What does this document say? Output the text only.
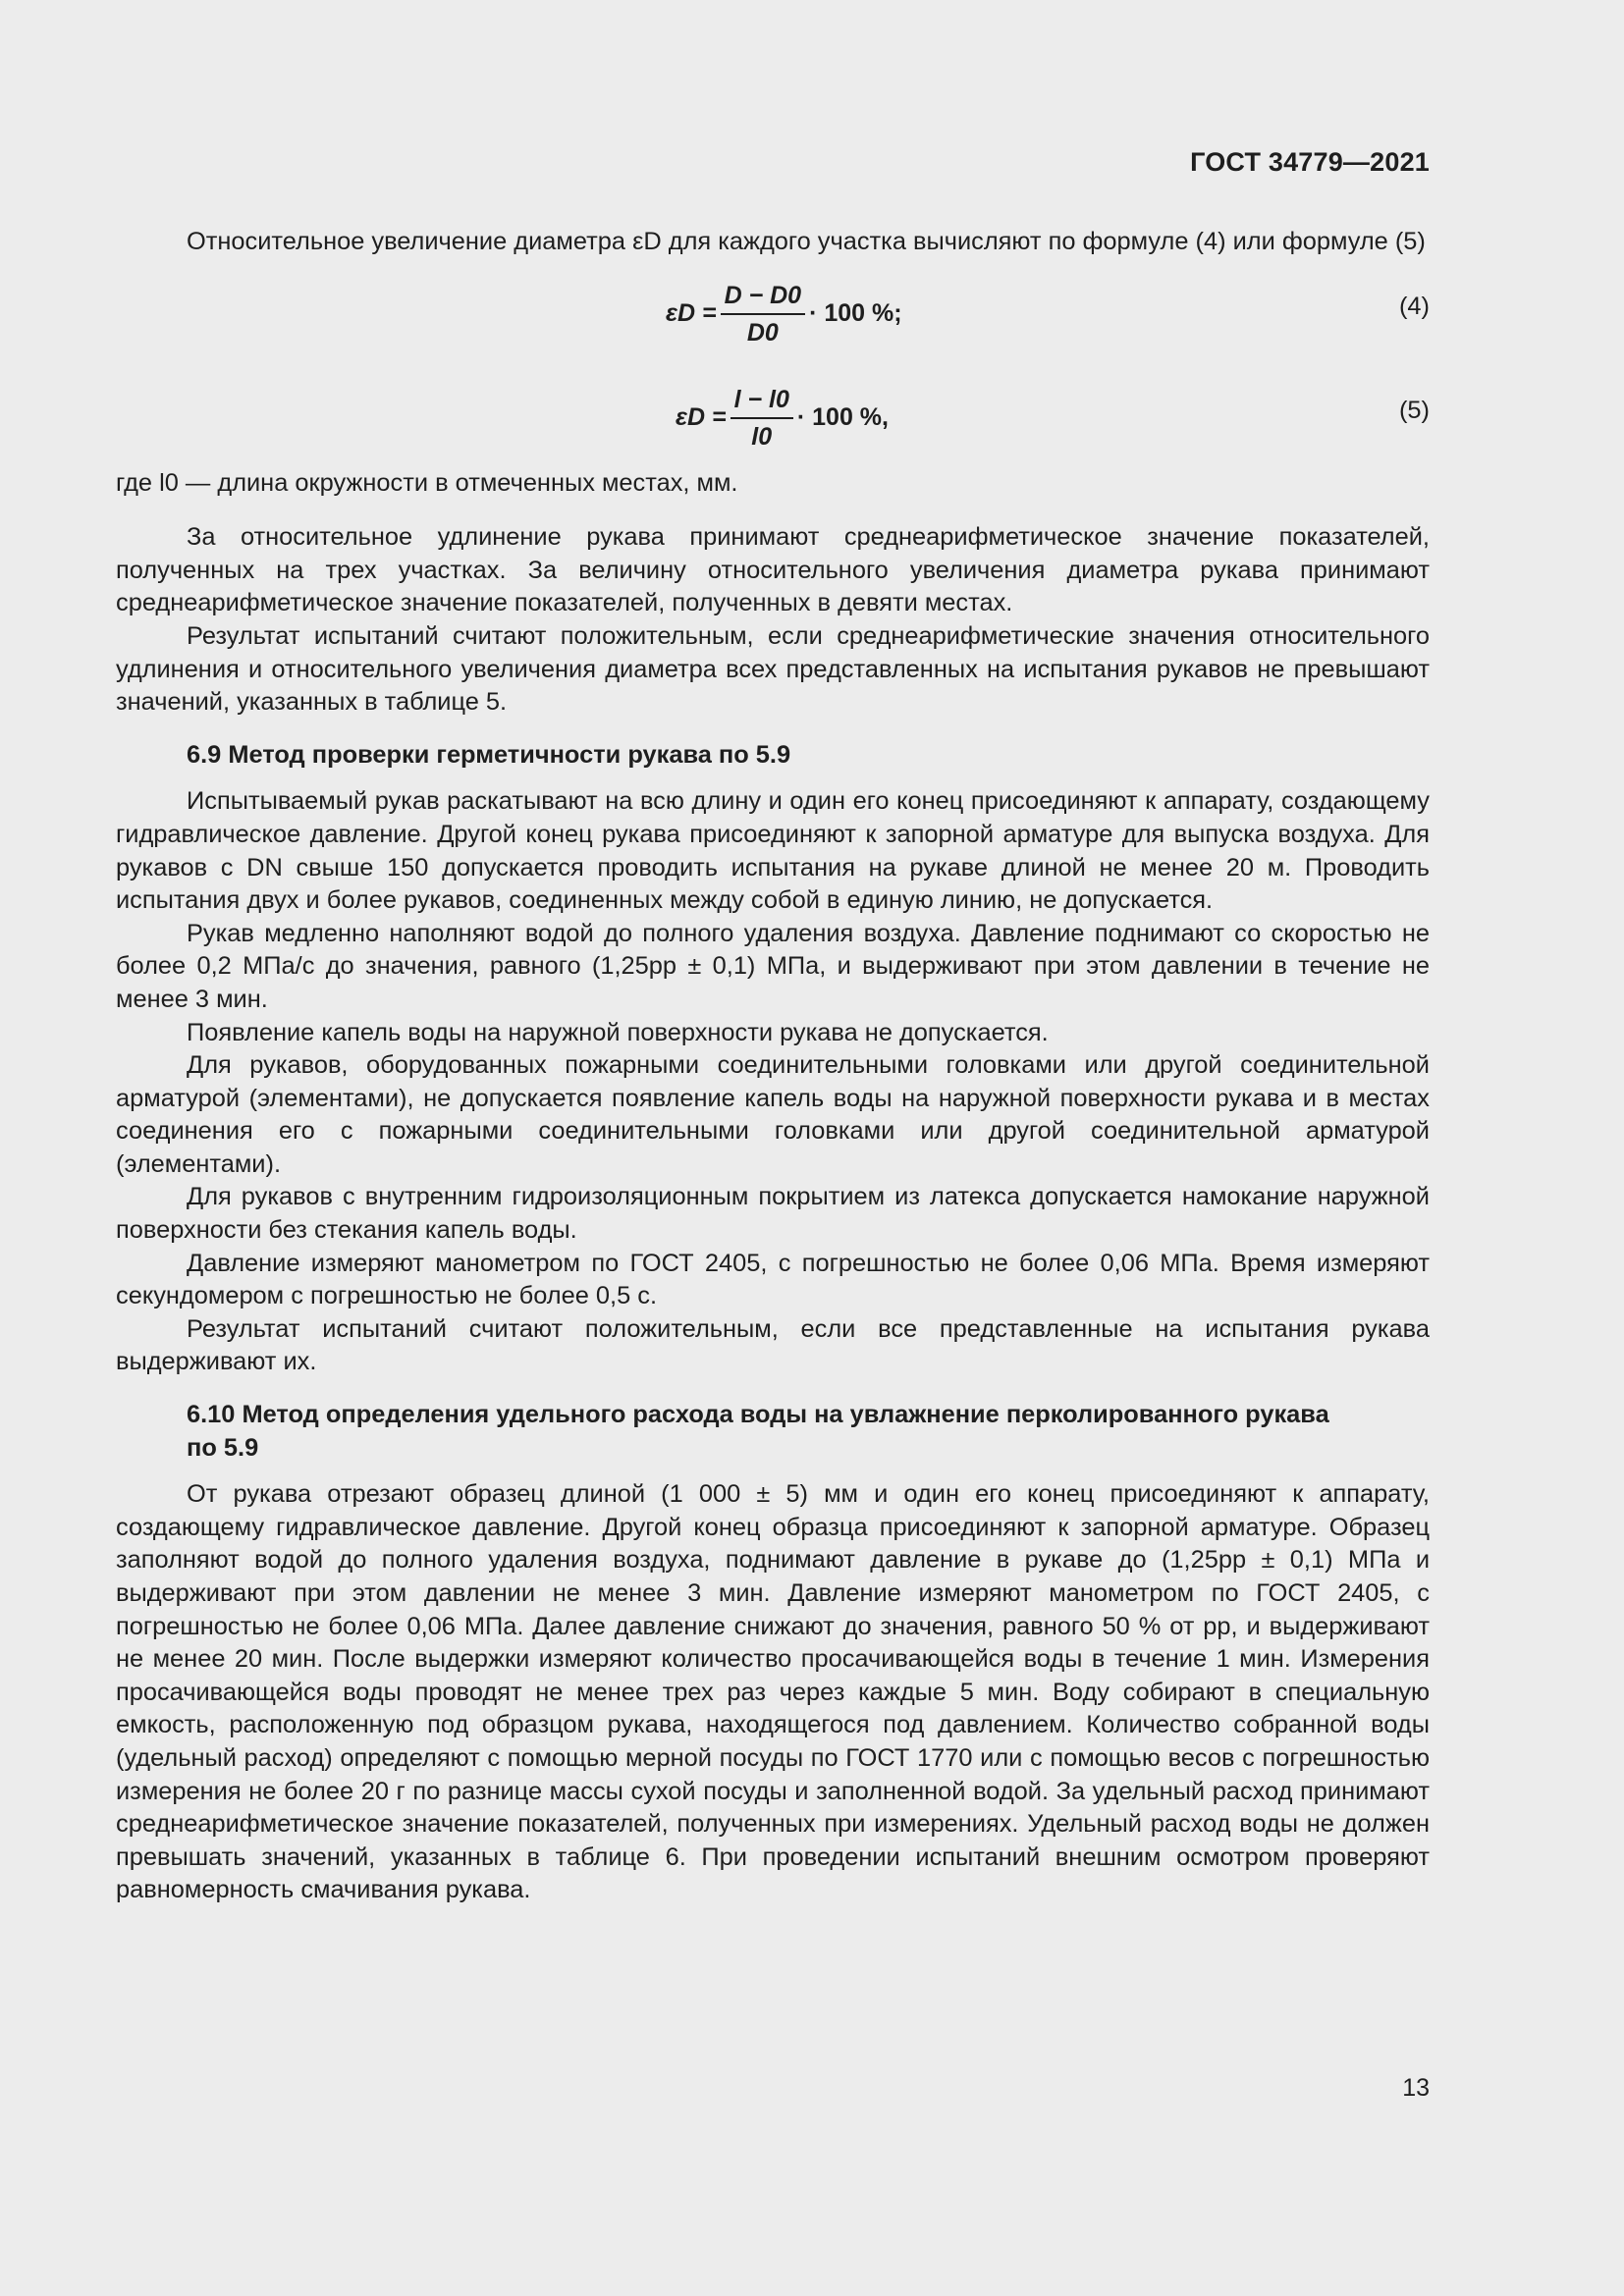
ГОСТ 34779—2021

Относительное увеличение диаметра εD для каждого участка вычисляют по формуле (4) или формуле (5)

$\varepsilon D = \frac{D - D0}{D0} \cdot 100$ %;	(4)
$\varepsilon D = \frac{l - l0}{l0} \cdot 100$ %,	(5)

где l0 — длина окружности в отмеченных местах, мм.

За относительное удлинение рукава принимают среднеарифметическое значение показателей, полученных на трех участках. За величину относительного увеличения диаметра рукава принимают среднеарифметическое значение показателей, полученных в девяти местах.

Результат испытаний считают положительным, если среднеарифметические значения относительного удлинения и относительного увеличения диаметра всех представленных на испытания рукавов не превышают значений, указанных в таблице 5.

6.9 Метод проверки герметичности рукава по 5.9

Испытываемый рукав раскатывают на всю длину и один его конец присоединяют к аппарату, создающему гидравлическое давление. Другой конец рукава присоединяют к запорной арматуре для выпуска воздуха. Для рукавов с DN свыше 150 допускается проводить испытания на рукаве длиной не менее 20 м. Проводить испытания двух и более рукавов, соединенных между собой в единую линию, не допускается.

Рукав медленно наполняют водой до полного удаления воздуха. Давление поднимают со скоростью не более 0,2 МПа/с до значения, равного (1,25pp ± 0,1) МПа, и выдерживают при этом давлении в течение не менее 3 мин.

Появление капель воды на наружной поверхности рукава не допускается.

Для рукавов, оборудованных пожарными соединительными головками или другой соединительной арматурой (элементами), не допускается появление капель воды на наружной поверхности рукава и в местах соединения его с пожарными соединительными головками или другой соединительной арматурой (элементами).

Для рукавов с внутренним гидроизоляционным покрытием из латекса допускается намокание наружной поверхности без стекания капель воды.

Давление измеряют манометром по ГОСТ 2405, с погрешностью не более 0,06 МПа. Время измеряют секундомером с погрешностью не более 0,5 с.

Результат испытаний считают положительным, если все представленные на испытания рукава выдерживают их.

6.10 Метод определения удельного расхода воды на увлажнение перколированного рукава по 5.9

От рукава отрезают образец длиной (1 000 ± 5) мм и один его конец присоединяют к аппарату, создающему гидравлическое давление. Другой конец образца присоединяют к запорной арматуре. Образец заполняют водой до полного удаления воздуха, поднимают давление в рукаве до (1,25pp ± 0,1) МПа и выдерживают при этом давлении не менее 3 мин. Давление измеряют манометром по ГОСТ 2405, с погрешностью не более 0,06 МПа. Далее давление снижают до значения, равного 50 % от pp, и выдерживают не менее 20 мин. После выдержки измеряют количество просачивающейся воды в течение 1 мин. Измерения просачивающейся воды проводят не менее трех раз через каждые 5 мин. Воду собирают в специальную емкость, расположенную под образцом рукава, находящегося под давлением. Количество собранной воды (удельный расход) определяют с помощью мерной посуды по ГОСТ 1770 или с помощью весов с погрешностью измерения не более 20 г по разнице массы сухой посуды и заполненной водой. За удельный расход принимают среднеарифметическое значение показателей, полученных при измерениях. Удельный расход воды не должен превышать значений, указанных в таблице 6. При проведении испытаний внешним осмотром проверяют равномерность смачивания рукава.

13
